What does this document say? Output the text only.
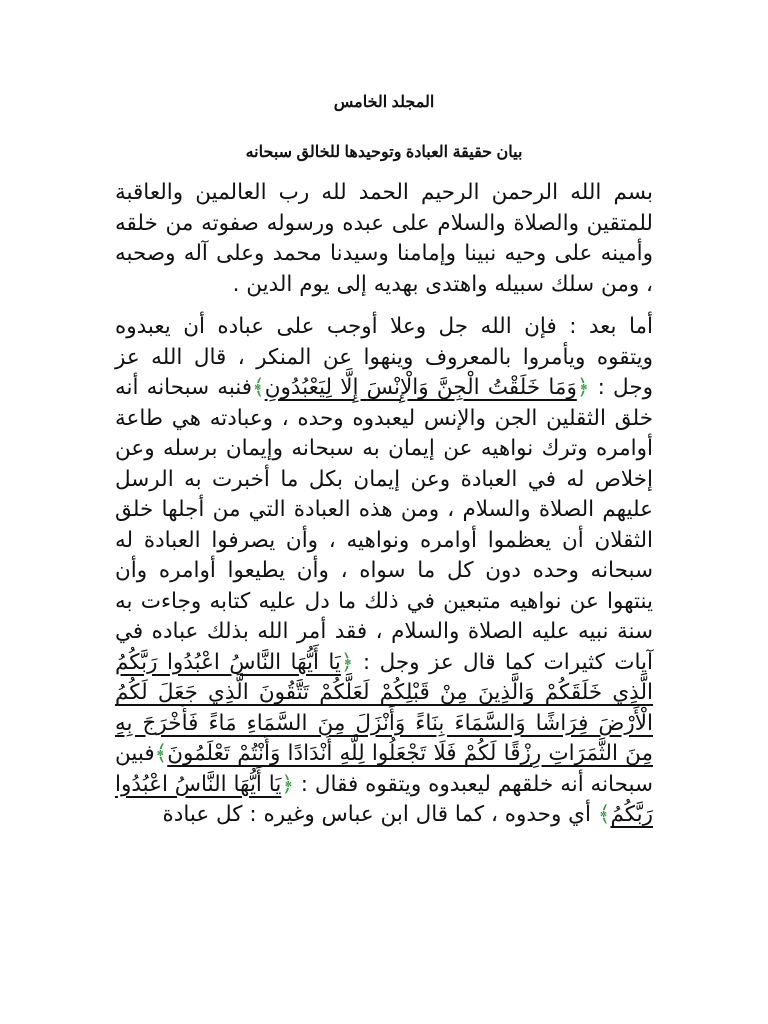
المجلد الخامس
بيان حقيقة العبادة وتوحيدها للخالق سبحانه

بسم الله الرحمن الرحيم الحمد لله رب العالمين والعاقبة للمتقين والصلاة والسلام على عبده ورسوله صفوته من خلقه وأمينه على وحيه نبينا وإمامنا وسيدنا محمد وعلى آله وصحبه ، ومن سلك سبيله واهتدى بهديه إلى يوم الدين .

أما بعد : فإن الله جل وعلا أوجب على عباده أن يعبدوه ويتقوه ويأمروا بالمعروف وينهوا عن المنكر ، قال الله عز وجل : ﴿وَمَا خَلَقْتُ الْجِنَّ وَالْإِنْسَ إِلَّا لِيَعْبُدُونِ﴾فنبه سبحانه أنه خلق الثقلين الجن والإنس ليعبدوه وحده ، وعبادته هي طاعة أوامره وترك نواهيه عن إيمان به سبحانه وإيمان برسله وعن إخلاص له في العبادة وعن إيمان بكل ما أخبرت به الرسل عليهم الصلاة والسلام ، ومن هذه العبادة التي من أجلها خلق الثقلان أن يعظموا أوامره ونواهيه ، وأن يصرفوا العبادة له سبحانه وحده دون كل ما سواه ، وأن يطيعوا أوامره وأن ينتهوا عن نواهيه متبعين في ذلك ما دل عليه كتابه وجاءت به سنة نبيه عليه الصلاة والسلام ، فقد أمر الله بذلك عباده في آيات كثيرات كما قال عز وجل : ﴿يَا أَيُّهَا النَّاسُ اعْبُدُوا رَبَّكُمُ الَّذِي خَلَقَكُمْ وَالَّذِينَ مِنْ قَبْلِكُمْ لَعَلَّكُمْ تَتَّقُونَ الَّذِي جَعَلَ لَكُمُ الْأَرْضَ فِرَاشًا وَالسَّمَاءَ بِنَاءً وَأَنْزَلَ مِنَ السَّمَاءِ مَاءً فَأَخْرَجَ بِهِ مِنَ الثَّمَرَاتِ رِزْقًا لَكُمْ فَلَا تَجْعَلُوا لِلَّهِ أَنْدَادًا وَأَنْتُمْ تَعْلَمُونَ﴾فبين سبحانه أنه خلقهم ليعبدوه ويتقوه فقال : ﴿يَا أَيُّهَا النَّاسُ اعْبُدُوا رَبَّكُمُ﴾ أي وحدوه ، كما قال ابن عباس وغيره : كل عبادة
